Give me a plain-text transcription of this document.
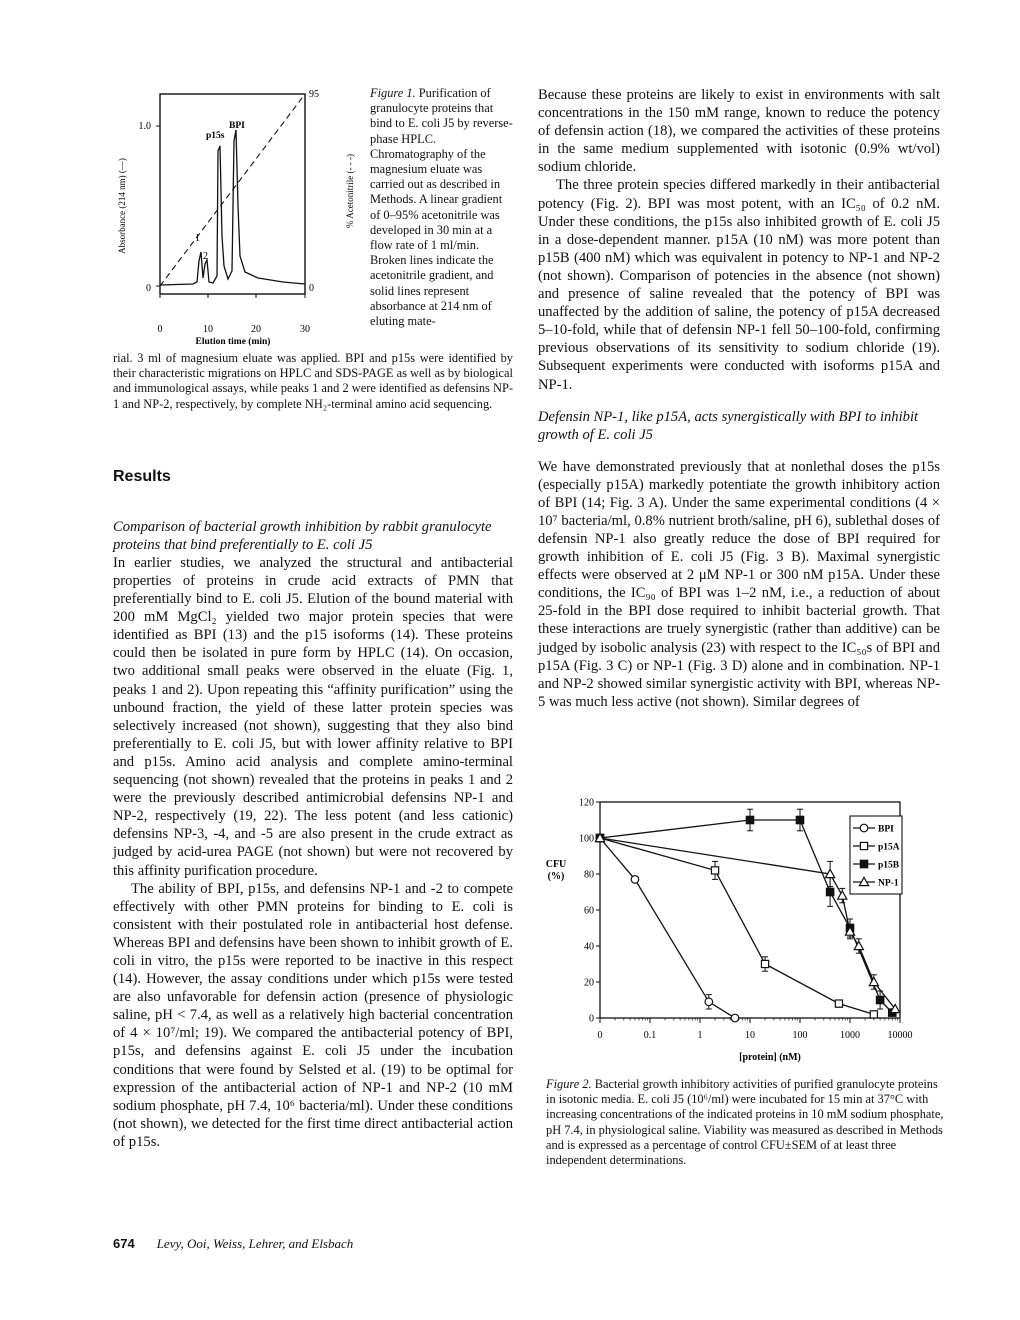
1.0
0
95
0
0	10	20	30
Elution time (min)
Absorbance (214 nm) (—)	% Acetonitrile (- - -)
1
2
p15s
BPI

Figure 1. Purification of granulocyte proteins that bind to E. coli J5 by reverse-phase HPLC. Chromatography of the magnesium eluate was carried out as described in Methods. A linear gradient of 0–95% acetonitrile was developed in 30 min at a flow rate of 1 ml/min. Broken lines indicate the acetonitrile gradient, and solid lines represent absorbance at 214 nm of eluting mate-

rial. 3 ml of magnesium eluate was applied. BPI and p15s were identified by their characteristic migrations on HPLC and SDS-PAGE as well as by biological and immunological assays, while peaks 1 and 2 were identified as defensins NP-1 and NP-2, respectively, by complete NH₂-terminal amino acid sequencing.

Results

Comparison of bacterial growth inhibition by rabbit granulocyte proteins that bind preferentially to E. coli J5

In earlier studies, we analyzed the structural and antibacterial properties of proteins in crude acid extracts of PMN that preferentially bind to E. coli J5. Elution of the bound material with 200 mM MgCl₂ yielded two major protein species that were identified as BPI (13) and the p15 isoforms (14). These proteins could then be isolated in pure form by HPLC (14). On occasion, two additional small peaks were observed in the eluate (Fig. 1, peaks 1 and 2). Upon repeating this “affinity purification” using the unbound fraction, the yield of these latter protein species was selectively increased (not shown), suggesting that they also bind preferentially to E. coli J5, but with lower affinity relative to BPI and p15s. Amino acid analysis and complete amino-terminal sequencing (not shown) revealed that the proteins in peaks 1 and 2 were the previously described antimicrobial defensins NP-1 and NP-2, respectively (19, 22). The less potent (and less cationic) defensins NP-3, -4, and -5 are also present in the crude extract as judged by acid-urea PAGE (not shown) but were not recovered by this affinity purification procedure.

The ability of BPI, p15s, and defensins NP-1 and -2 to compete effectively with other PMN proteins for binding to E. coli is consistent with their postulated role in antibacterial host defense. Whereas BPI and defensins have been shown to inhibit growth of E. coli in vitro, the p15s were reported to be inactive in this respect (14). However, the assay conditions under which p15s were tested are also unfavorable for defensin action (presence of physiologic saline, pH < 7.4, as well as a relatively high bacterial concentration of 4 × 10⁷/ml; 19). We compared the antibacterial potency of BPI, p15s, and defensins against E. coli J5 under the incubation conditions that were found by Selsted et al. (19) to be optimal for expression of the antibacterial action of NP-1 and NP-2 (10 mM sodium phosphate, pH 7.4, 10⁶ bacteria/ml). Under these conditions (not shown), we detected for the first time direct antibacterial action of p15s.

Because these proteins are likely to exist in environments with salt concentrations in the 150 mM range, known to reduce the potency of defensin action (18), we compared the activities of these proteins in the same medium supplemented with isotonic (0.9% wt/vol) sodium chloride.

The three protein species differed markedly in their antibacterial potency (Fig. 2). BPI was most potent, with an IC₅₀ of 0.2 nM. Under these conditions, the p15s also inhibited growth of E. coli J5 in a dose-dependent manner. p15A (10 nM) was more potent than p15B (400 nM) which was equivalent in potency to NP-1 and NP-2 (not shown). Comparison of potencies in the absence (not shown) and presence of saline revealed that the potency of BPI was unaffected by the addition of saline, the potency of p15A decreased 5–10-fold, while that of defensin NP-1 fell 50–100-fold, confirming previous observations of its sensitivity to sodium chloride (19). Subsequent experiments were conducted with isoforms p15A and NP-1.

Defensin NP-1, like p15A, acts synergistically with BPI to inhibit growth of E. coli J5

We have demonstrated previously that at nonlethal doses the p15s (especially p15A) markedly potentiate the growth inhibitory action of BPI (14; Fig. 3 A). Under the same experimental conditions (4 × 10⁷ bacteria/ml, 0.8% nutrient broth/saline, pH 6), sublethal doses of defensin NP-1 also greatly reduce the dose of BPI required for growth inhibition of E. coli J5 (Fig. 3 B). Maximal synergistic effects were observed at 2 μM NP-1 or 300 nM p15A. Under these conditions, the IC₉₀ of BPI was 1–2 nM, i.e., a reduction of about 25-fold in the BPI dose required to inhibit bacterial growth. That these interactions are truely synergistic (rather than additive) can be judged by isobolic analysis (23) with respect to the IC₅₀s of BPI and p15A (Fig. 3 C) or NP-1 (Fig. 3 D) alone and in combination. NP-1 and NP-2 showed similar synergistic activity with BPI, whereas NP-5 was much less active (not shown). Similar degrees of

0
20
40
60
80
100
120
0	0.1	1	10	100	1000	10000
[protein] (nM)
CFU
(%)
BPI
p15A
p15B
NP-1

Figure 2. Bacterial growth inhibitory activities of purified granulocyte proteins in isotonic media. E. coli J5 (10⁶/ml) were incubated for 15 min at 37°C with increasing concentrations of the indicated proteins in 10 mM sodium phosphate, pH 7.4, in physiological saline. Viability was measured as described in Methods and is expressed as a percentage of control CFU±SEM of at least three independent determinations.

674 Levy, Ooi, Weiss, Lehrer, and Elsbach
